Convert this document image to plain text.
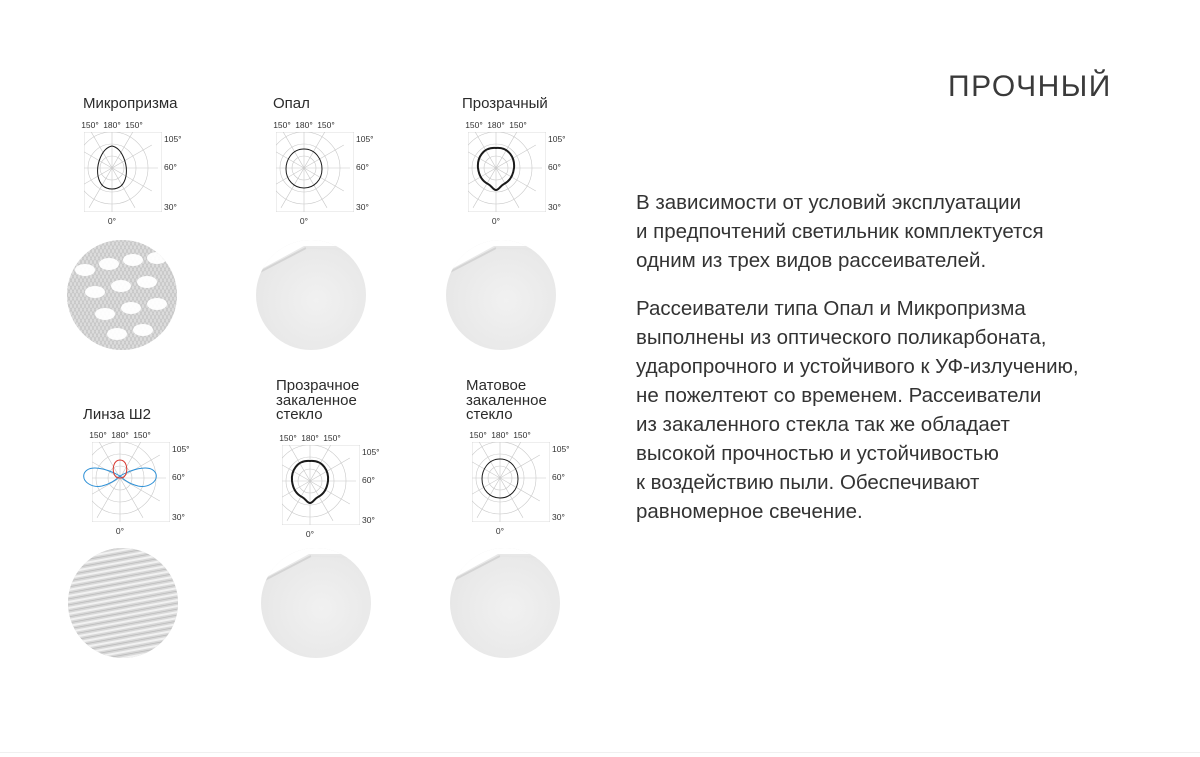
ПРОЧНЫЙ
В зависимости от условий эксплуатации
и предпочтений светильник комплектуется
одним из трех видов рассеивателей.
Рассеиватели типа Опал и Микропризма
выполнены из оптического поликарбоната,
ударопрочного и устойчивого к УФ-излучению,
не пожелтеют со временем. Рассеиватели
из закаленного стекла так же обладает
высокой прочностью и устойчивостью
к воздействию пыли. Обеспечивают
равномерное свечение.
Микропризма
150° 180° 150°
105°
60°
30°
0°
Опал
150° 180° 150°
105°
60°
30°
0°
Прозрачный
150° 180° 150°
105°
60°
30°
0°
Линза Ш2
150° 180° 150°
105°
60°
30°
0°
Прозрачное
закаленное
стекло
150° 180° 150°
105°
60°
30°
0°
Матовое
закаленное
стекло
150° 180° 150°
105°
60°
30°
0°
